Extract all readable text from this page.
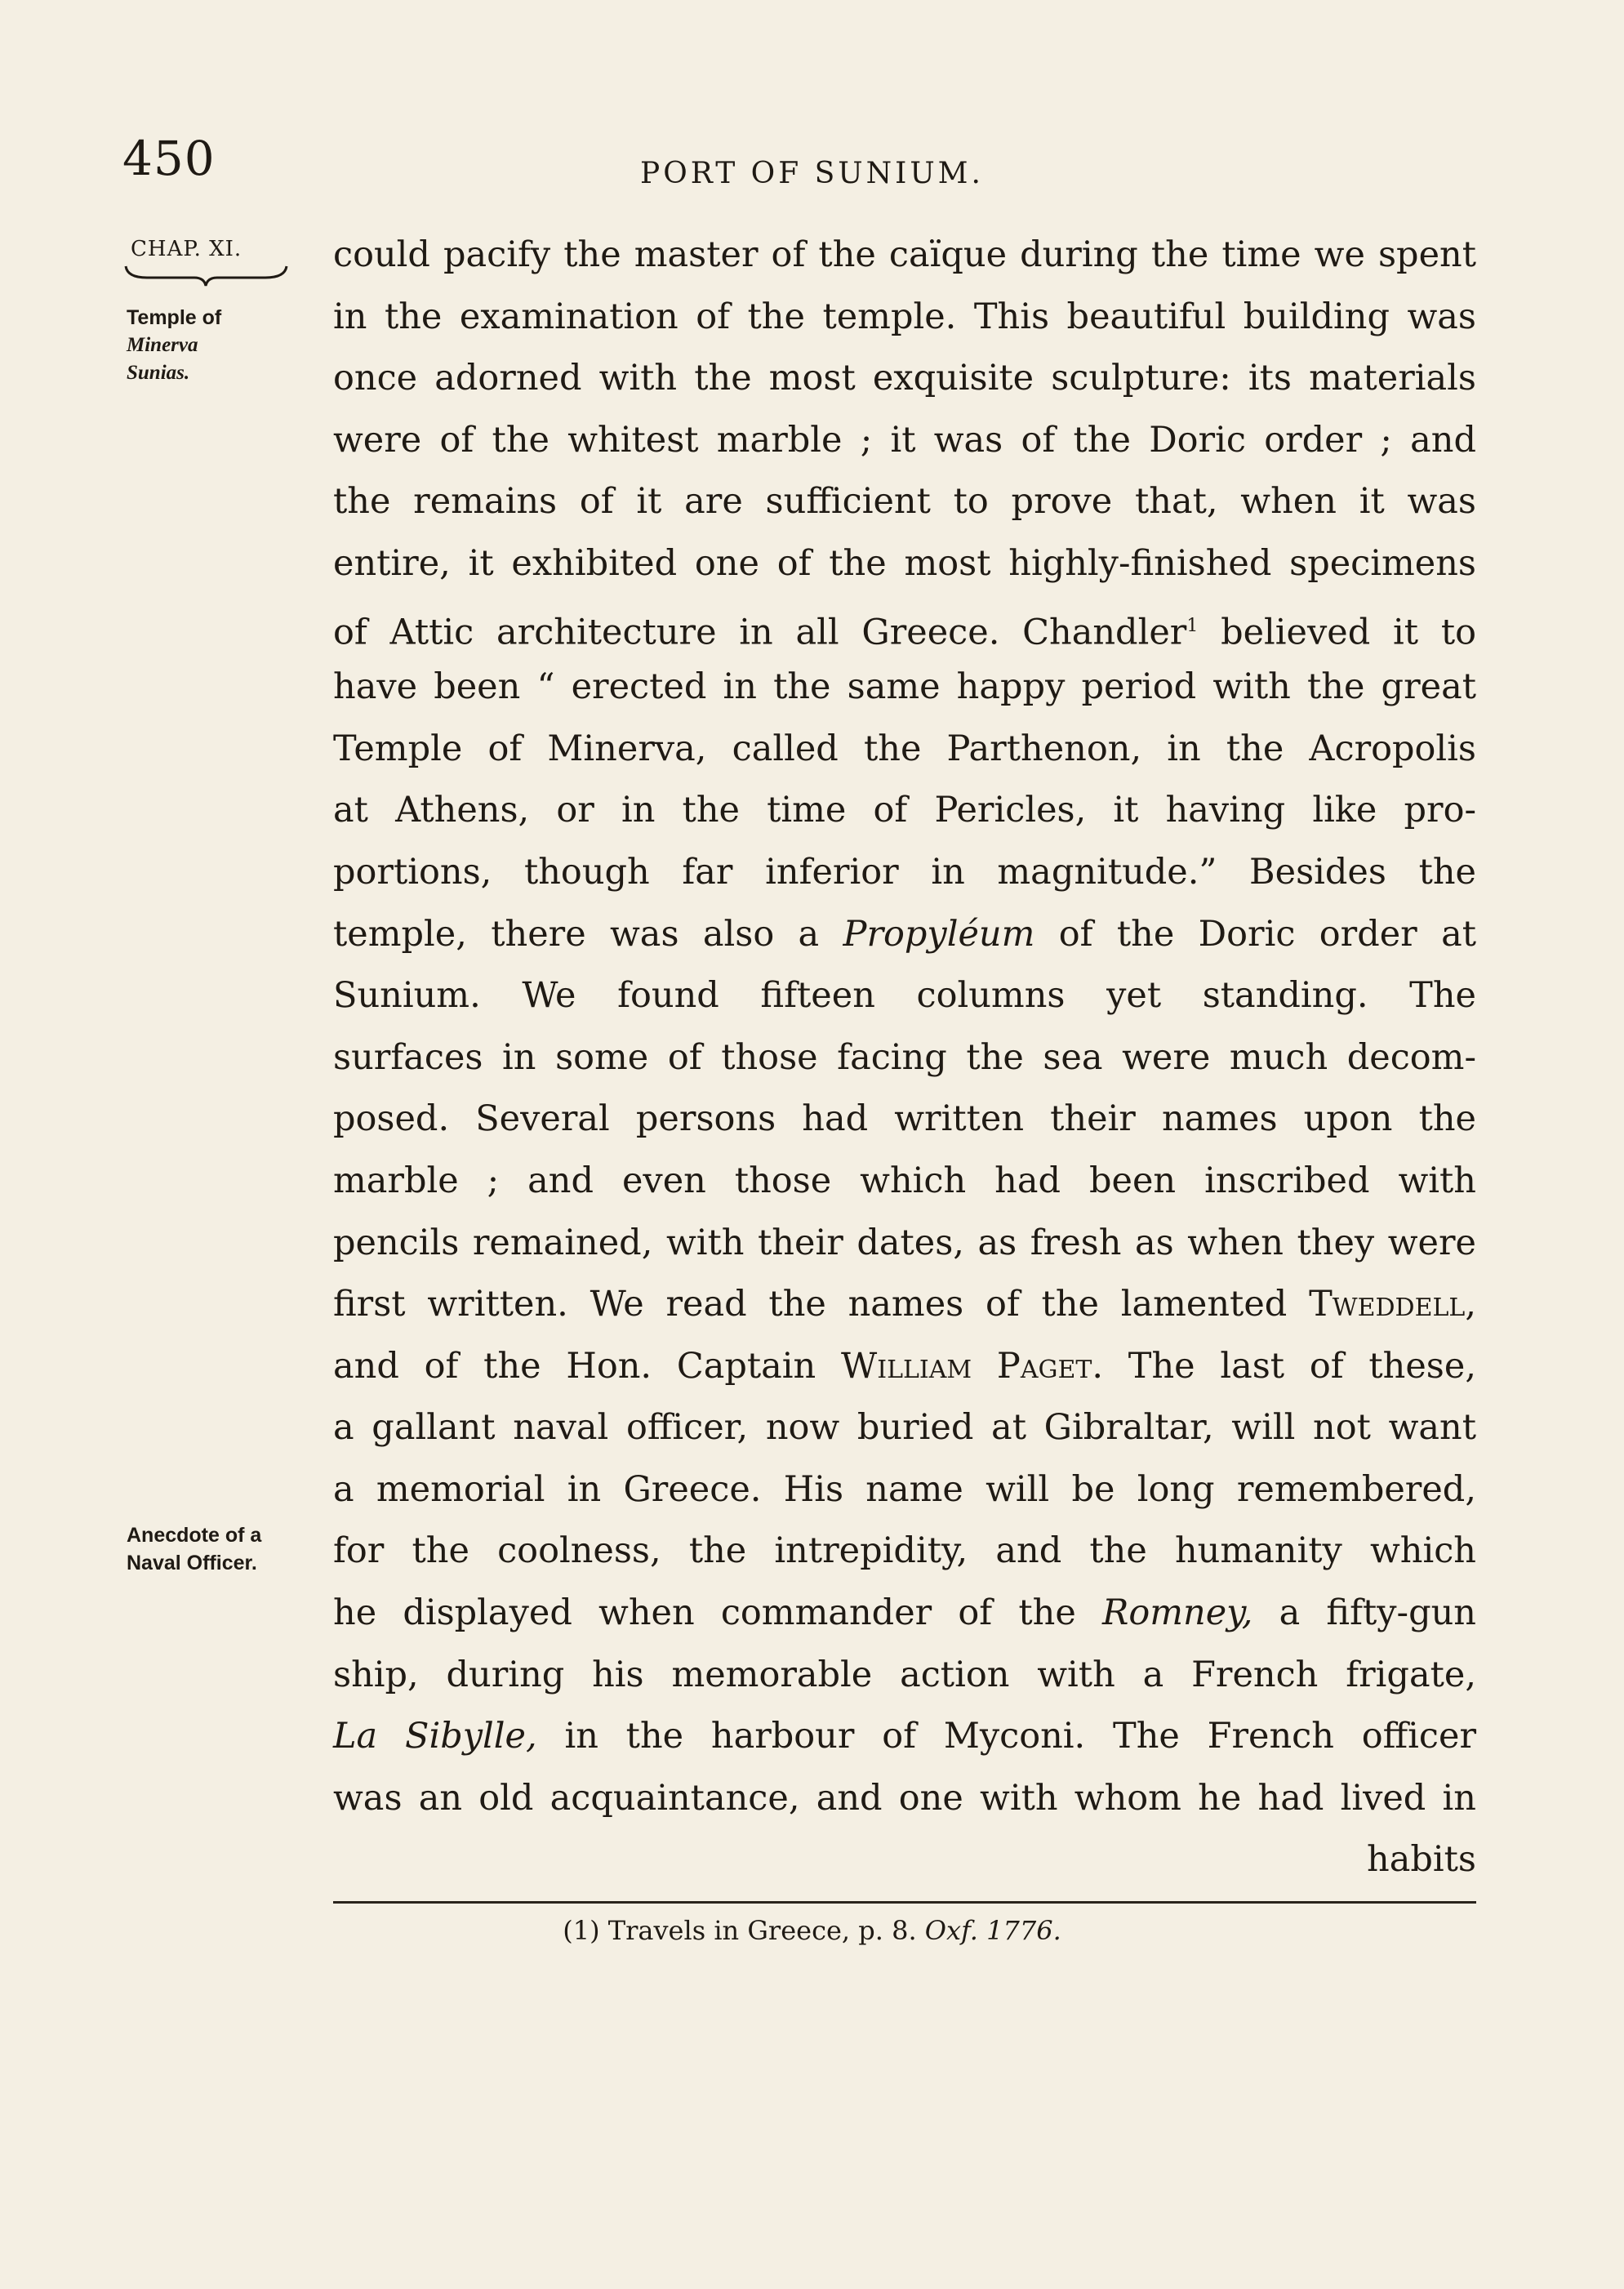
450	PORT OF SUNIUM.
CHAP. XI.
Temple of
Minerva
Sunias.
Anecdote of a
Naval Officer.
could pacify the master of the caïque during the time we spent
in the examination of the temple. This beautiful building was
once adorned with the most exquisite sculpture: its materials
were of the whitest marble ; it was of the Doric order ; and
the remains of it are sufficient to prove that, when it was
entire, it exhibited one of the most highly-finished specimens
of Attic architecture in all Greece. Chandler$^1$ believed it to
have been “ erected in the same happy period with the great
Temple of Minerva, called the Parthenon, in the Acropolis
at Athens, or in the time of Pericles, it having like pro-
portions, though far inferior in magnitude.” Besides the
temple, there was also a Propyléum of the Doric order at
Sunium. We found fifteen columns yet standing. The
surfaces in some of those facing the sea were much decom-
posed. Several persons had written their names upon the
marble ; and even those which had been inscribed with
pencils remained, with their dates, as fresh as when they were
first written. We read the names of the lamented Tweddell,
and of the Hon. Captain William Paget. The last of these,
a gallant naval officer, now buried at Gibraltar, will not want
a memorial in Greece. His name will be long remembered,
for the coolness, the intrepidity, and the humanity which
he displayed when commander of the Romney, a fifty-gun
ship, during his memorable action with a French frigate,
La Sibylle, in the harbour of Myconi. The French officer
was an old acquaintance, and one with whom he had lived in
habits
(1) Travels in Greece, p. 8. Oxf. 1776.
